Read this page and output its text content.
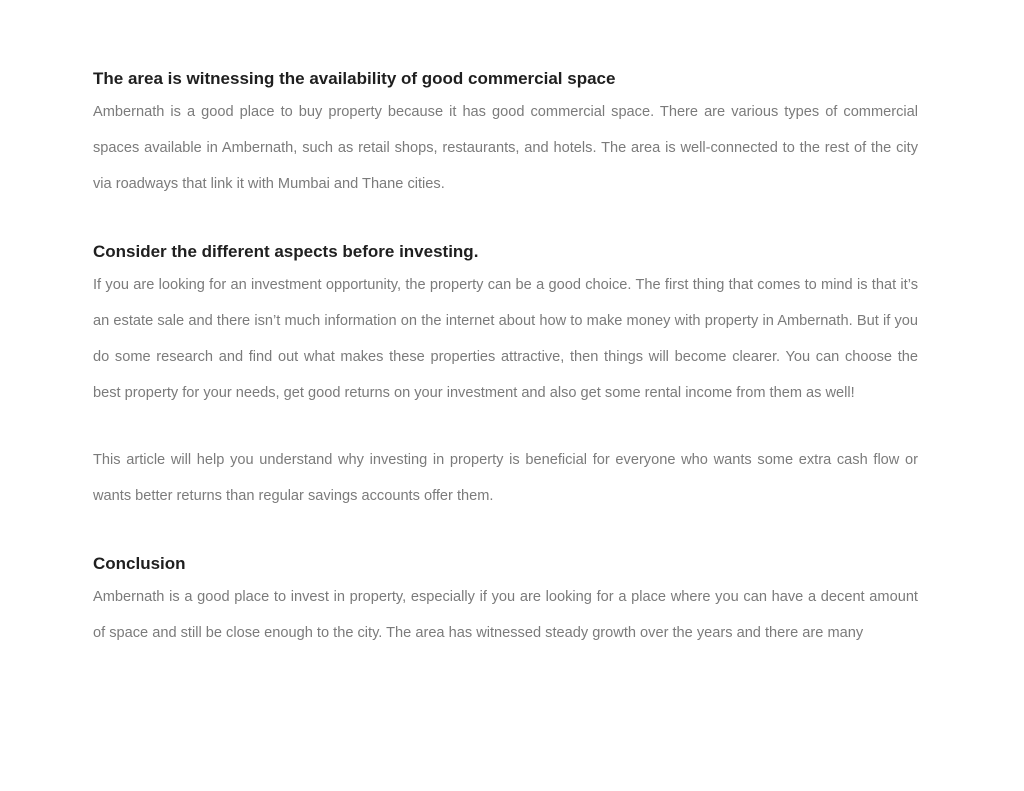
The area is witnessing the availability of good commercial space

Ambernath is a good place to buy property because it has good commercial space. There are various types of commercial spaces available in Ambernath, such as retail shops, restaurants, and hotels. The area is well-connected to the rest of the city via roadways that link it with Mumbai and Thane cities.

Consider the different aspects before investing.

If you are looking for an investment opportunity, the property can be a good choice. The first thing that comes to mind is that it’s an estate sale and there isn’t much information on the internet about how to make money with property in Ambernath. But if you do some research and find out what makes these properties attractive, then things will become clearer. You can choose the best property for your needs, get good returns on your investment and also get some rental income from them as well!

This article will help you understand why investing in property is beneficial for everyone who wants some extra cash flow or wants better returns than regular savings accounts offer them.

Conclusion

Ambernath is a good place to invest in property, especially if you are looking for a place where you can have a decent amount of space and still be close enough to the city. The area has witnessed steady growth over the years and there are many
